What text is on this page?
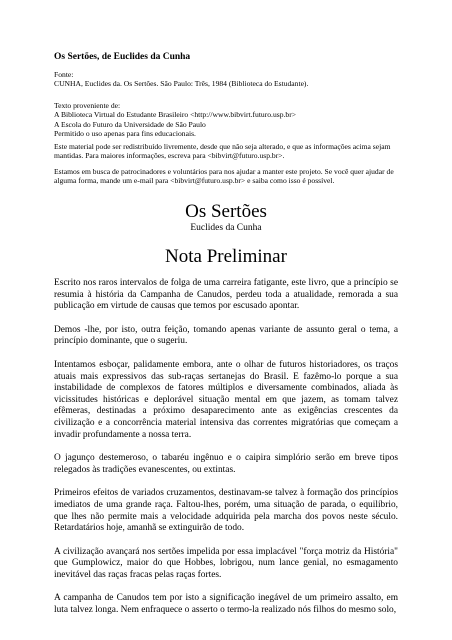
Os Sertões, de Euclides da Cunha
Fonte:
CUNHA, Euclides da. Os Sertões. São Paulo: Três, 1984 (Biblioteca do Estudante).
Texto proveniente de:
A Biblioteca Virtual do Estudante Brasileiro <http://www.bibvirt.futuro.usp.br>
A Escola do Futuro da Universidade de São Paulo
Permitido o uso apenas para fins educacionais.
Este material pode ser redistribuído livremente, desde que não seja alterado, e que as informações acima sejam
mantidas. Para maiores informações, escreva para <bibvirt@futuro.usp.br>.
Estamos em busca de patrocinadores e voluntários para nos ajudar a manter este projeto. Se você quer ajudar de
alguma forma, mande um e-mail para <bibvirt@futuro.usp.br> e saiba como isso é possível.
Os Sertões
Euclides da Cunha
Nota Preliminar

Escrito nos raros intervalos de folga de uma carreira fatigante, este livro, que a princípio se resumia à história da Campanha de Canudos, perdeu toda a atualidade, remorada a sua publicação em virtude de causas que temos por escusado apontar.

Demos -lhe, por isto, outra feição, tomando apenas variante de assunto geral o tema, a princípio dominante, que o sugeriu.

Intentamos esboçar, palidamente embora, ante o olhar de futuros historiadores, os traços atuais mais expressivos das sub-raças sertanejas do Brasil. E fazêmo-lo porque a sua instabilidade de complexos de fatores múltiplos e diversamente combinados, aliada às vicissitudes históricas e deplorável situação mental em que jazem, as tomam talvez efêmeras, destinadas a próximo desaparecimento ante as exigências crescentes da civilização e a concorrência material intensiva das correntes migratórias que começam a invadir profundamente a nossa terra.

O jagunço destemeroso, o tabaréu ingênuo e o caipira simplório serão em breve tipos relegados às tradições evanescentes, ou extintas.

Primeiros efeitos de variados cruzamentos, destinavam-se talvez à formação dos princípios imediatos de uma grande raça. Faltou-lhes, porém, uma situação de parada, o equilíbrio, que lhes não permite mais a velocidade adquirida pela marcha dos povos neste século. Retardatários hoje, amanhã se extinguirão de todo.

A civilização avançará nos sertões impelida por essa implacável "força motriz da História" que Gumplowicz, maior do que Hobbes, lobrigou, num lance genial, no esmagamento inevitável das raças fracas pelas raças fortes.

A campanha de Canudos tem por isto a significação inegável de um primeiro assalto, em luta talvez longa. Nem enfraquece o asserto o termo-la realizado nós filhos do mesmo solo,
